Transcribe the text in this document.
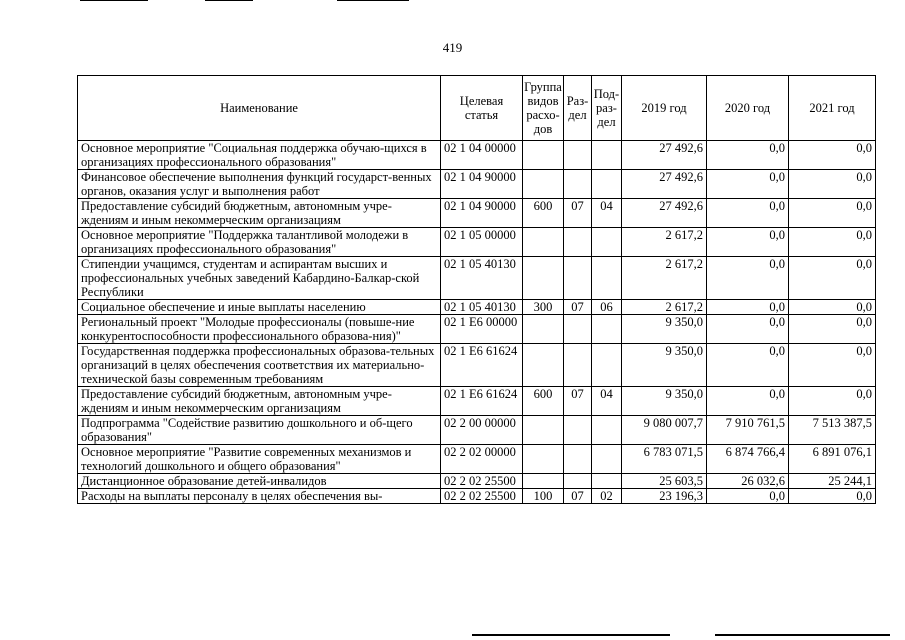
419
Наименование	Целевая статья	Группа видов расхо-дов	Раз-дел	Под-раз-дел	2019 год	2020 год	2021 год
Основное мероприятие "Социальная поддержка обучаю-щихся в организациях профессионального образования"	02 1 04 00000				27 492,6	0,0	0,0
Финансовое обеспечение выполнения функций государст-венных органов, оказания услуг и выполнения работ	02 1 04 90000				27 492,6	0,0	0,0
Предоставление субсидий бюджетным, автономным учре-ждениям и иным некоммерческим организациям	02 1 04 90000	600	07	04	27 492,6	0,0	0,0
Основное мероприятие "Поддержка талантливой молодежи в организациях профессионального образования"	02 1 05 00000				2 617,2	0,0	0,0
Стипендии учащимся, студентам и аспирантам высших и профессиональных учебных заведений Кабардино-Балкар-ской Республики	02 1 05 40130				2 617,2	0,0	0,0
Социальное обеспечение и иные выплаты населению	02 1 05 40130	300	07	06	2 617,2	0,0	0,0
Региональный проект "Молодые профессионалы (повыше-ние конкурентоспособности профессионального образова-ния)"	02 1 E6 00000				9 350,0	0,0	0,0
Государственная поддержка профессиональных образова-тельных организаций в целях обеспечения соответствия их материально-технической базы современным требованиям	02 1 E6 61624				9 350,0	0,0	0,0
Предоставление субсидий бюджетным, автономным учре-ждениям и иным некоммерческим организациям	02 1 E6 61624	600	07	04	9 350,0	0,0	0,0
Подпрограмма "Содействие развитию дошкольного и об-щего образования"	02 2 00 00000				9 080 007,7	7 910 761,5	7 513 387,5
Основное мероприятие "Развитие современных механизмов и технологий дошкольного и общего образования"	02 2 02 00000				6 783 071,5	6 874 766,4	6 891 076,1
Дистанционное образование детей-инвалидов	02 2 02 25500				25 603,5	26 032,6	25 244,1
Расходы на выплаты персоналу в целях обеспечения вы-	02 2 02 25500	100	07	02	23 196,3	0,0	0,0
